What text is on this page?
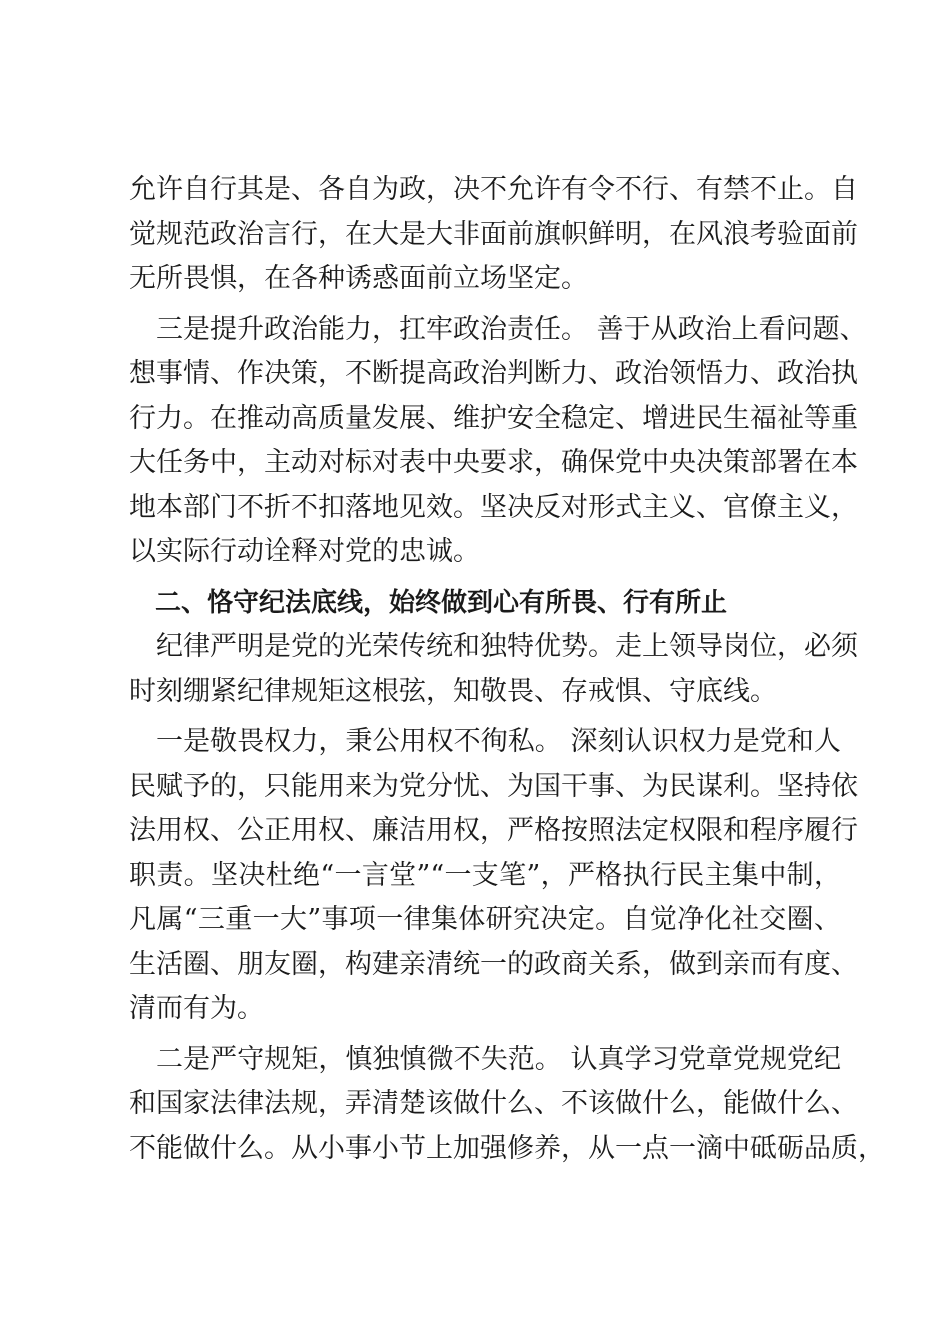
允许自行其是、各自为政，决不允许有令不行、有禁不止。自
觉规范政治言行，在大是大非面前旗帜鲜明，在风浪考验面前
无所畏惧，在各种诱惑面前立场坚定。
　三是提升政治能力，扛牢政治责任。 善于从政治上看问题、
想事情、作决策，不断提高政治判断力、政治领悟力、政治执
行力。在推动高质量发展、维护安全稳定、增进民生福祉等重
大任务中，主动对标对表中央要求，确保党中央决策部署在本
地本部门不折不扣落地见效。坚决反对形式主义、官僚主义，
以实际行动诠释对党的忠诚。
　二、恪守纪法底线，始终做到心有所畏、行有所止
　纪律严明是党的光荣传统和独特优势。走上领导岗位，必须
时刻绷紧纪律规矩这根弦，知敬畏、存戒惧、守底线。
　一是敬畏权力，秉公用权不徇私。 深刻认识权力是党和人
民赋予的，只能用来为党分忧、为国干事、为民谋利。坚持依
法用权、公正用权、廉洁用权，严格按照法定权限和程序履行
职责。坚决杜绝“一言堂”“一支笔”，严格执行民主集中制，
凡属“三重一大”事项一律集体研究决定。自觉净化社交圈、
生活圈、朋友圈，构建亲清统一的政商关系，做到亲而有度、
清而有为。
　二是严守规矩，慎独慎微不失范。 认真学习党章党规党纪
和国家法律法规，弄清楚该做什么、不该做什么，能做什么、
不能做什么。从小事小节上加强修养，从一点一滴中砥砺品质，
